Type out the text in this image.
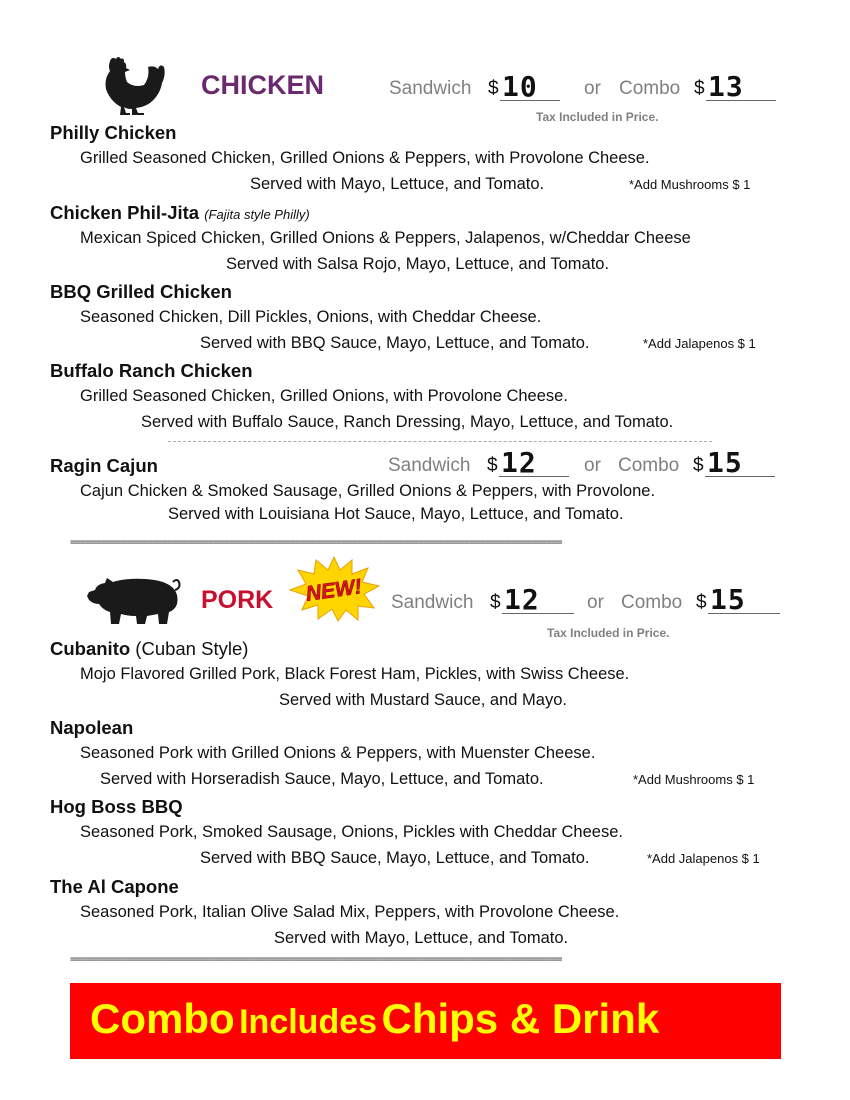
CHICKEN	Sandwich $ 10	or Combo $ 13
Tax Included in Price.
Philly Chicken
Grilled Seasoned Chicken, Grilled Onions & Peppers, with Provolone Cheese.
Served with Mayo, Lettuce, and Tomato.	*Add Mushrooms $ 1
Chicken Phil-Jita (Fajita style Philly)
Mexican Spiced Chicken, Grilled Onions & Peppers, Jalapenos, w/Cheddar Cheese
Served with Salsa Rojo, Mayo, Lettuce, and Tomato.
BBQ Grilled Chicken
Seasoned Chicken, Dill Pickles, Onions, with Cheddar Cheese.
Served with BBQ Sauce, Mayo, Lettuce, and Tomato.	*Add Jalapenos $ 1
Buffalo Ranch Chicken
Grilled Seasoned Chicken, Grilled Onions, with Provolone Cheese.
Served with Buffalo Sauce, Ranch Dressing, Mayo, Lettuce, and Tomato.
Ragin Cajun	Sandwich $ 12	or Combo $ 15
Cajun Chicken & Smoked Sausage, Grilled Onions & Peppers, with Provolone.
Served with Louisiana Hot Sauce, Mayo, Lettuce, and Tomato.
================================================================================================
PORK NEW! Sandwich $ 12	or Combo $ 15
Tax Included in Price.
Cubanito (Cuban Style)
Mojo Flavored Grilled Pork, Black Forest Ham, Pickles, with Swiss Cheese.
Served with Mustard Sauce, and Mayo.
Napolean
Seasoned Pork with Grilled Onions & Peppers, with Muenster Cheese.
Served with Horseradish Sauce, Mayo, Lettuce, and Tomato.	*Add Mushrooms $ 1
Hog Boss BBQ
Seasoned Pork, Smoked Sausage, Onions, Pickles with Cheddar Cheese.
Served with BBQ Sauce, Mayo, Lettuce, and Tomato.	*Add Jalapenos $ 1
The Al Capone
Seasoned Pork, Italian Olive Salad Mix, Peppers, with Provolone Cheese.
Served with Mayo, Lettuce, and Tomato.
================================================================================================
Combo Includes Chips & Drink
